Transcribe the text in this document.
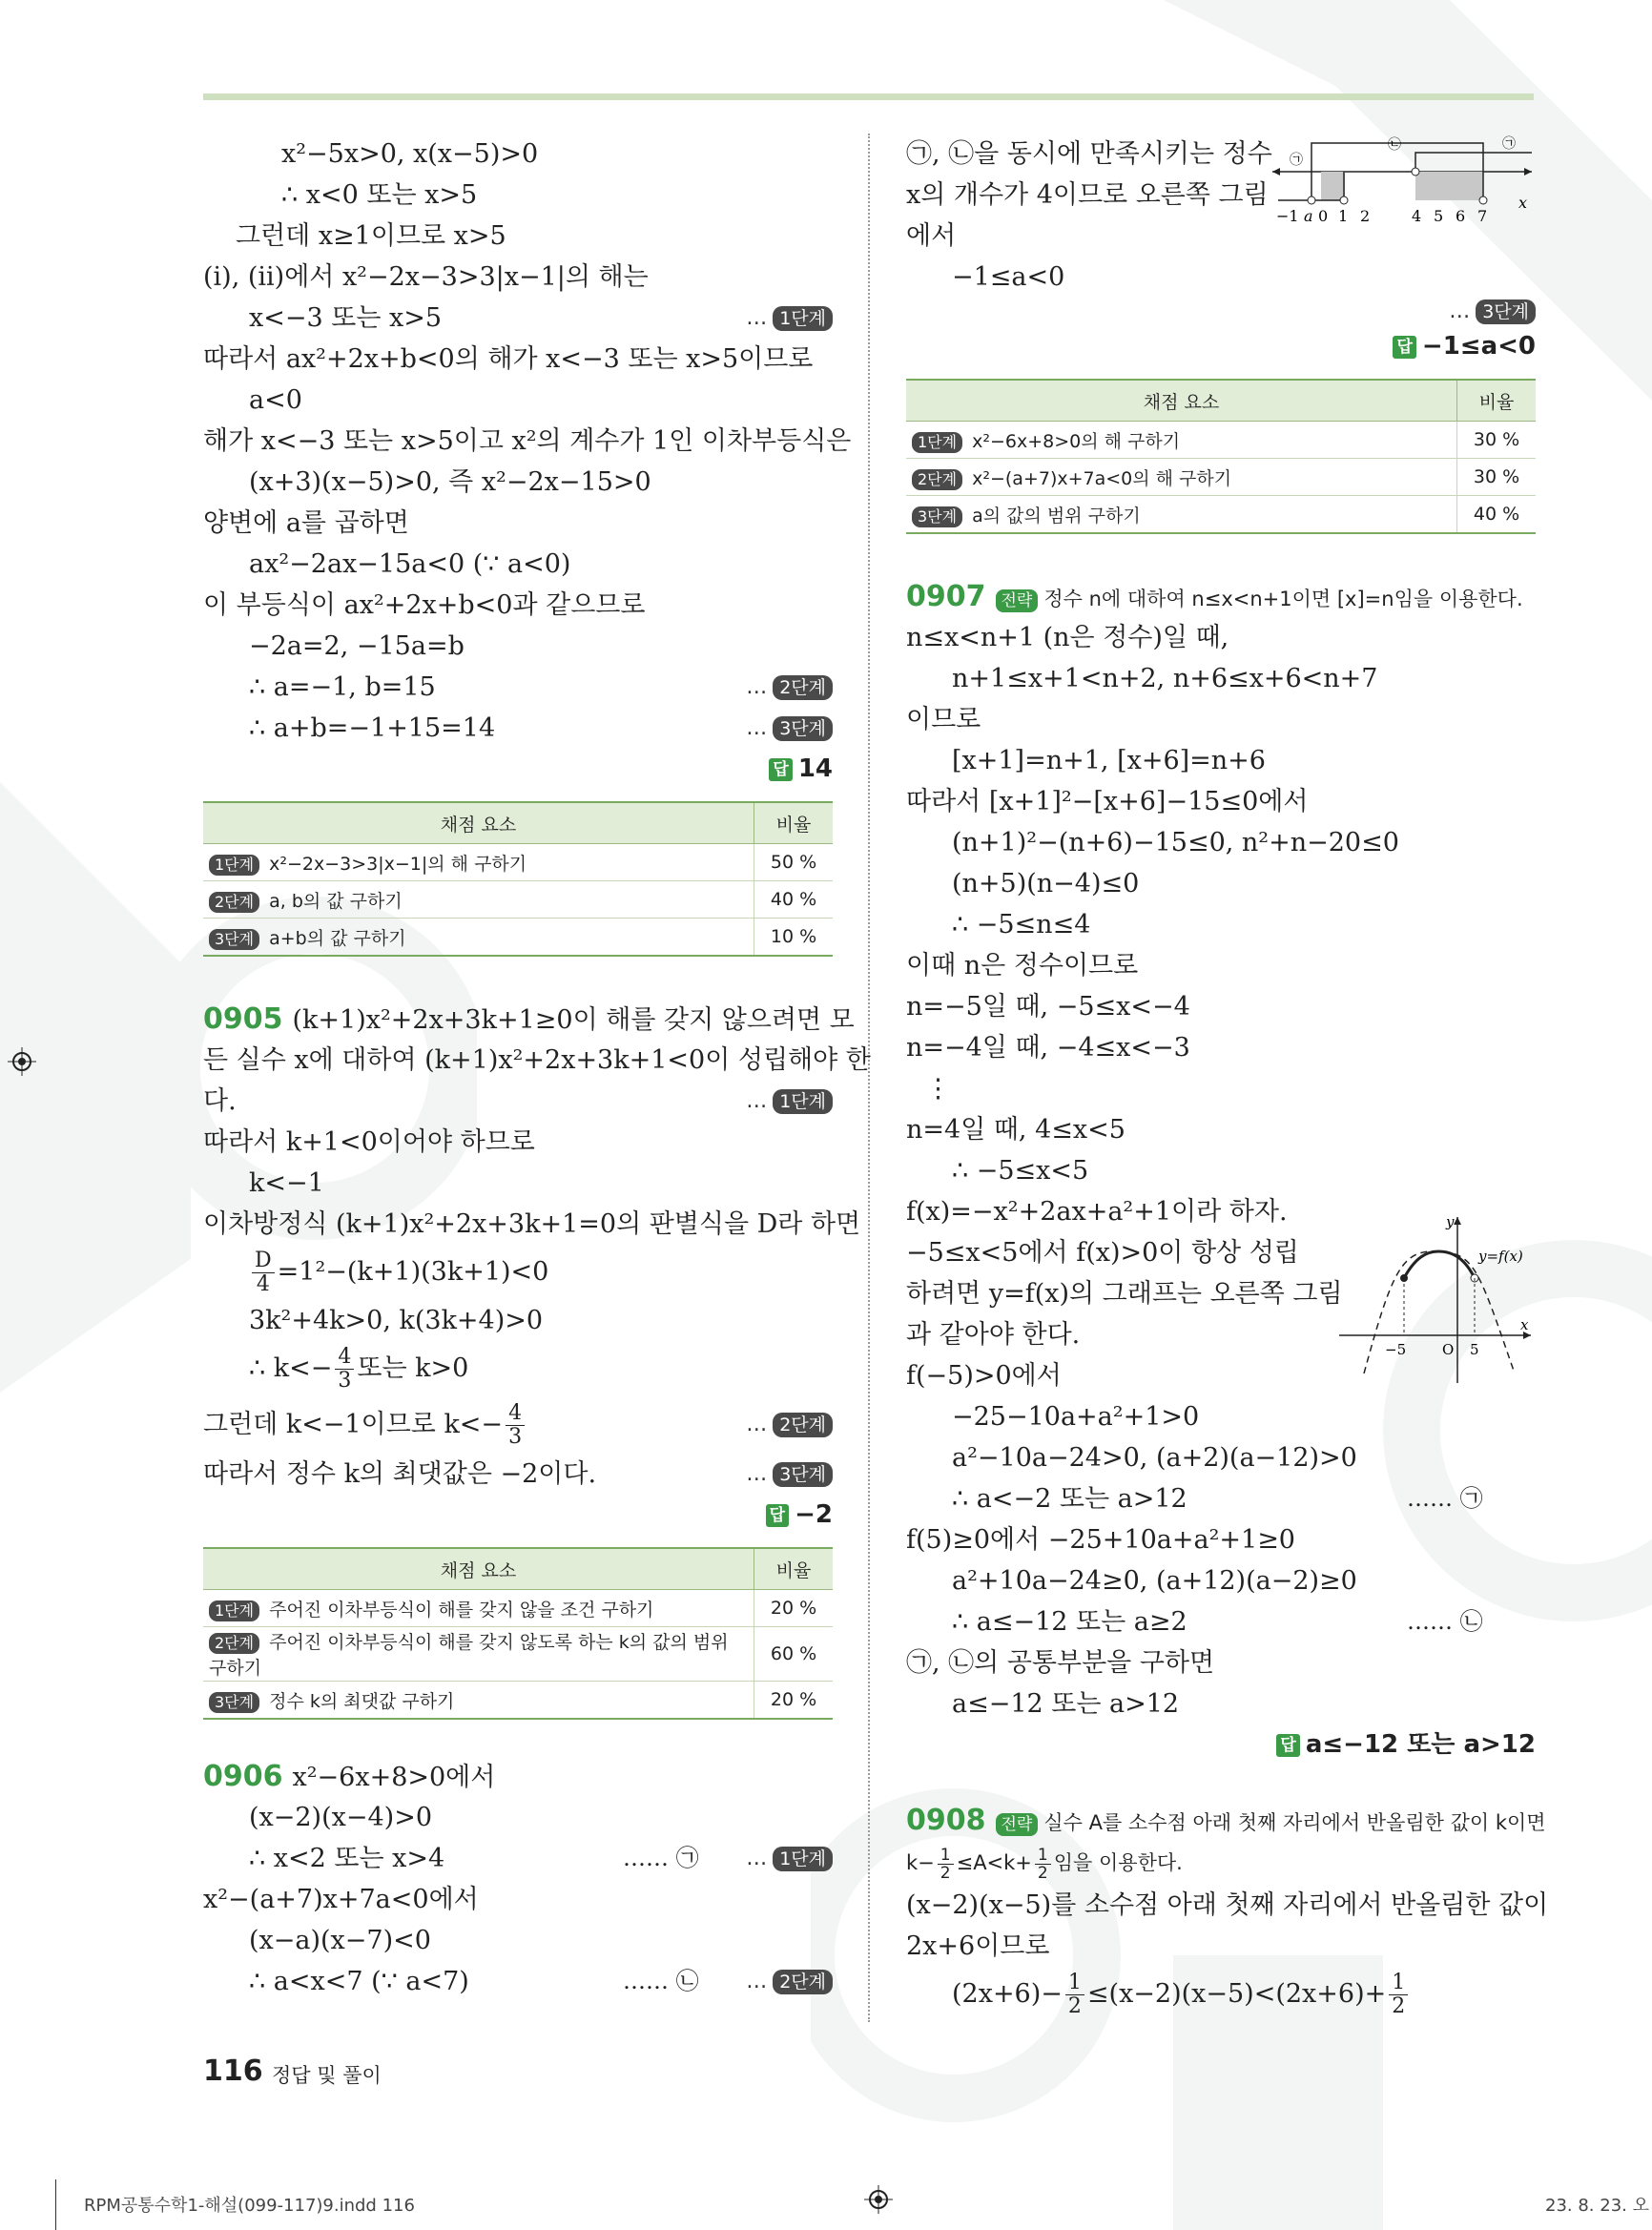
x²−5x>0, x(x−5)>0
∴ x<0 또는 x>5
그런데 x≥1이므로 x>5
(i), (ii)에서 x²−2x−3>3|x−1|의 해는
x<−3 또는 x>5	… 1단계
따라서 ax²+2x+b<0의 해가 x<−3 또는 x>5이므로
a<0
해가 x<−3 또는 x>5이고 x²의 계수가 1인 이차부등식은
(x+3)(x−5)>0, 즉 x²−2x−15>0
양변에 a를 곱하면
ax²−2ax−15a<0 (∵ a<0)
이 부등식이 ax²+2x+b<0과 같으므로
−2a=2, −15a=b
∴ a=−1, b=15	… 2단계
∴ a+b=−1+15=14	… 3단계
답 14
채점 요소	비율
1단계 x²−2x−3>3|x−1|의 해 구하기	50 %
2단계 a, b의 값 구하기	40 %
3단계 a+b의 값 구하기	10 %
0905 (k+1)x²+2x+3k+1≥0이 해를 갖지 않으려면 모
든 실수 x에 대하여 (k+1)x²+2x+3k+1<0이 성립해야 한
다.	… 1단계
따라서 k+1<0이어야 하므로
k<−1
이차방정식 (k+1)x²+2x+3k+1=0의 판별식을 D라 하면
$\frac{D}{4} =1^2-(k+1)(3k+1)<0$
3k²+4k>0, k(3k+4)>0
∴ $k<- \frac{4}{3}$ 또는 k>0
그런데 k<−1이므로 $k<- \frac{4}{3}$	… 2단계
따라서 정수 k의 최댓값은 −2이다.	… 3단계
답 −2
채점 요소	비율
1단계 주어진 이차부등식이 해를 갖지 않을 조건 구하기	20 %
2단계 주어진 이차부등식이 해를 갖지 않도록 하는 k의 값의 범위 구하기	60 %
3단계 정수 k의 최댓값 구하기	20 %
0906 x²−6x+8>0에서
(x−2)(x−4)>0
∴ x<2 또는 x>4	…… ㉠ … 1단계
x²−(a+7)x+7a<0에서
(x−a)(x−7)<0
∴ a<x<7 (∵ a<7)	…… ㉡ … 2단계
㉠, ㉡을 동시에 만족시키는 정수
x의 개수가 4이므로 오른쪽 그림
에서
−1≤a<0
… 3단계
답 −1≤a<0
㉠
㉡	㉠
−1 a 0 1 2	4 5 6 7
x
채점 요소	비율
1단계 x²−6x+8>0의 해 구하기	30 %
2단계 x²−(a+7)x+7a<0의 해 구하기	30 %
3단계 a의 값의 범위 구하기	40 %
0907 전략 정수 n에 대하여 n≤x<n+1이면 [x]=n임을 이용한다.
n≤x<n+1 (n은 정수)일 때,
n+1≤x+1<n+2, n+6≤x+6<n+7
이므로
[x+1]=n+1, [x+6]=n+6
따라서 [x+1]²−[x+6]−15≤0에서
(n+1)²−(n+6)−15≤0, n²+n−20≤0
(n+5)(n−4)≤0
∴ −5≤n≤4
이때 n은 정수이므로
n=−5일 때, −5≤x<−4
n=−4일 때, −4≤x<−3
⋮
n=4일 때, 4≤x<5
∴ −5≤x<5
f(x)=−x²+2ax+a²+1이라 하자.
−5≤x<5에서 f(x)>0이 항상 성립
하려면 y=f(x)의 그래프는 오른쪽 그림
과 같아야 한다.
f(−5)>0에서
−25−10a+a²+1>0
a²−10a−24>0, (a+2)(a−12)>0
∴ a<−2 또는 a>12	…… ㉠
f(5)≥0에서 −25+10a+a²+1≥0
a²+10a−24≥0, (a+12)(a−2)≥0
∴ a≤−12 또는 a≥2	…… ㉡
㉠, ㉡의 공통부분을 구하면
a≤−12 또는 a>12
답 a≤−12 또는 a>12
y
y=f(x)
−5	O 5
x
0908 전략 실수 A를 소수점 아래 첫째 자리에서 반올림한 값이 k이면
$k- \frac{1}{2} \le A<k+ \frac{1}{2}$ 임을 이용한다.
(x−2)(x−5)를 소수점 아래 첫째 자리에서 반올림한 값이
2x+6이므로
$(2x+6)- \frac{1}{2} \le(x-2)(x-5)<(2x+6)+ \frac{1}{2}$
116 정답 및 풀이
RPM공통수학1-해설(099-117)9.indd 116	23. 8. 23. 오
